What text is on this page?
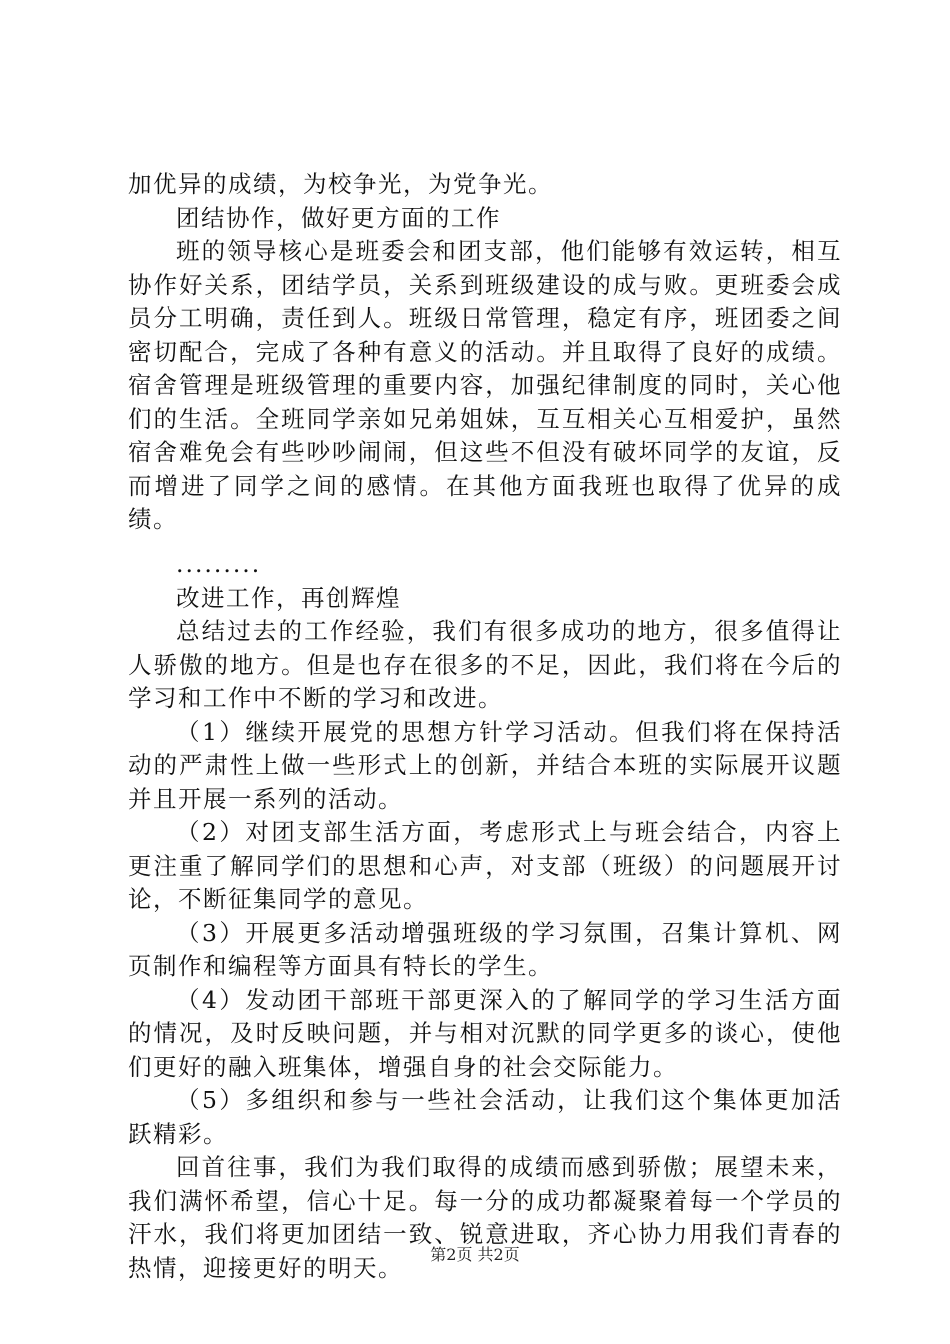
加优异的成绩，为校争光，为党争光。

团结协作，做好更方面的工作

班的领导核心是班委会和团支部，他们能够有效运转，相互协作好关系，团结学员，关系到班级建设的成与败。更班委会成员分工明确，责任到人。班级日常管理，稳定有序，班团委之间密切配合，完成了各种有意义的活动。并且取得了良好的成绩。宿舍管理是班级管理的重要内容，加强纪律制度的同时，关心他们的生活。全班同学亲如兄弟姐妹，互互相关心互相爱护，虽然宿舍难免会有些吵吵闹闹，但这些不但没有破坏同学的友谊，反而增进了同学之间的感情。在其他方面我班也取得了优异的成绩。

.........

改进工作，再创辉煌

总结过去的工作经验，我们有很多成功的地方，很多值得让人骄傲的地方。但是也存在很多的不足，因此，我们将在今后的学习和工作中不断的学习和改进。

（1）继续开展党的思想方针学习活动。但我们将在保持活动的严肃性上做一些形式上的创新，并结合本班的实际展开议题并且开展一系列的活动。

（2）对团支部生活方面，考虑形式上与班会结合，内容上更注重了解同学们的思想和心声，对支部（班级）的问题展开讨论，不断征集同学的意见。

（3）开展更多活动增强班级的学习氛围，召集计算机、网页制作和编程等方面具有特长的学生。

（4）发动团干部班干部更深入的了解同学的学习生活方面的情况，及时反映问题，并与相对沉默的同学更多的谈心，使他们更好的融入班集体，增强自身的社会交际能力。

（5）多组织和参与一些社会活动，让我们这个集体更加活跃精彩。

回首往事，我们为我们取得的成绩而感到骄傲；展望未来，我们满怀希望，信心十足。每一分的成功都凝聚着每一个学员的汗水，我们将更加团结一致、锐意进取，齐心协力用我们青春的热情，迎接更好的明天。	第2页 共2页
